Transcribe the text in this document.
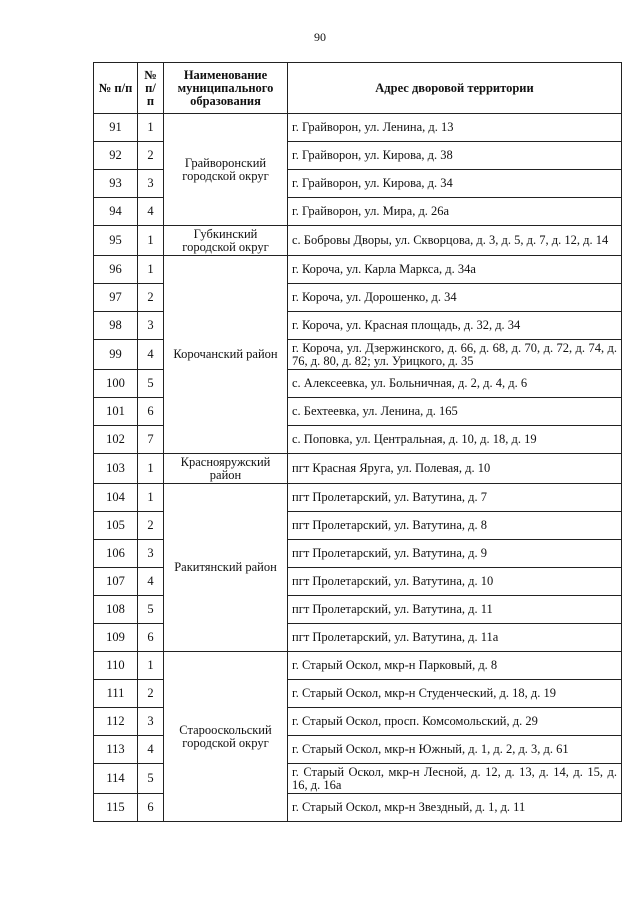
90
№ п/п	№ п/п	Наименование муниципального образования	Адрес дворовой территории
91	1	Грайворонский городской округ	г. Грайворон, ул. Ленина, д. 13
92	2		г. Грайворон, ул. Кирова, д. 38
93	3		г. Грайворон, ул. Кирова, д. 34
94	4		г. Грайворон, ул. Мира, д. 26а
95	1	Губкинский городской округ	с. Бобровы Дворы, ул. Скворцова, д. 3, д. 5, д. 7, д. 12, д. 14
96	1	Корочанский район	г. Короча, ул. Карла Маркса, д. 34а
97	2		г. Короча, ул. Дорошенко, д. 34
98	3		г. Короча, ул. Красная площадь, д. 32, д. 34
99	4		г. Короча, ул. Дзержинского, д. 66, д. 68, д. 70, д. 72, д. 74, д. 76, д. 80, д. 82; ул. Урицкого, д. 35
100	5		с. Алексеевка, ул. Больничная, д. 2, д. 4, д. 6
101	6		с. Бехтеевка, ул. Ленина, д. 165
102	7		с. Поповка, ул. Центральная, д. 10, д. 18, д. 19
103	1	Краснояружский район	пгт Красная Яруга, ул. Полевая, д. 10
104	1	Ракитянский район	пгт Пролетарский, ул. Ватутина, д. 7
105	2		пгт Пролетарский, ул. Ватутина, д. 8
106	3		пгт Пролетарский, ул. Ватутина, д. 9
107	4		пгт Пролетарский, ул. Ватутина, д. 10
108	5		пгт Пролетарский, ул. Ватутина, д. 11
109	6		пгт Пролетарский, ул. Ватутина, д. 11а
110	1	Старооскольский городской округ	г. Старый Оскол, мкр-н Парковый, д. 8
111	2		г. Старый Оскол, мкр-н Студенческий, д. 18, д. 19
112	3		г. Старый Оскол, просп. Комсомольский, д. 29
113	4		г. Старый Оскол, мкр-н Южный, д. 1, д. 2, д. 3, д. 61
114	5		г. Старый Оскол, мкр-н Лесной, д. 12, д. 13, д. 14, д. 15, д. 16, д. 16а
115	6		г. Старый Оскол, мкр-н Звездный, д. 1, д. 11
